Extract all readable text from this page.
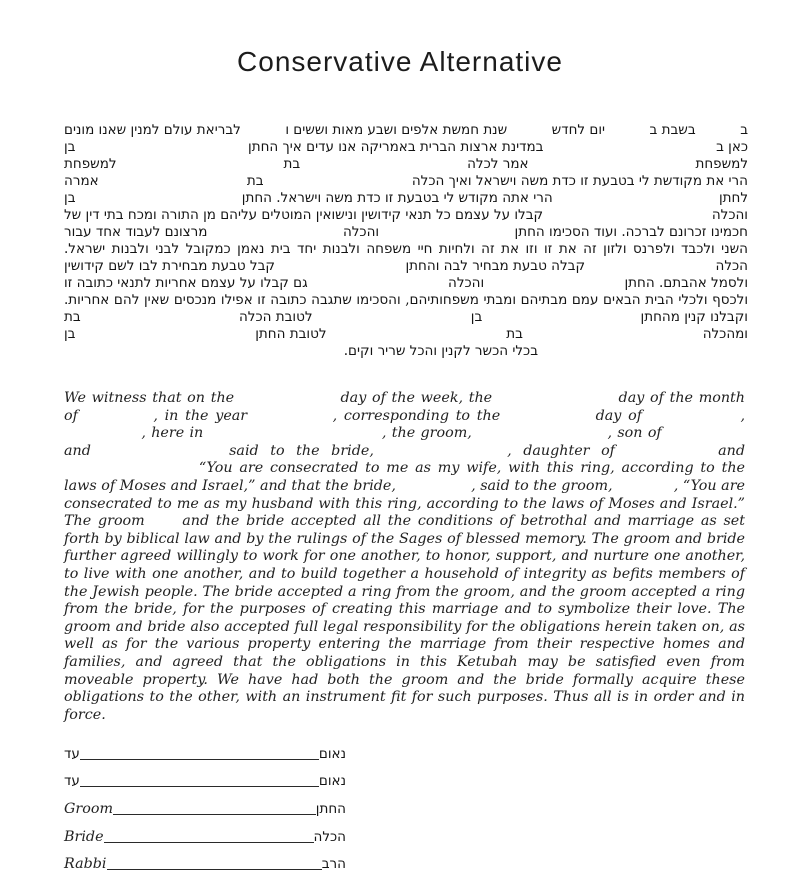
Conservative Alternative
ב
בשבת ב
יום לחדש
שנת חמשת אלפים ושבע מאות וששים ו
לבריאת עולם למנין שאנו מונים
כאן ב
במדינת ארצות הברית באמריקה אנו עדים איך החתן
בן
למשפחת
אמר לכלה
בת
למשפחת
הרי את מקודשת לי בטבעת זו כדת משה וישראל ואיך הכלה
בת
אמרה
לחתן
הרי אתה מקודש לי בטבעת זו כדת משה וישראל. החתן
בן
והכלה
קבלו על עצמם כל תנאי קידושין ונישואין המוטלים עליהם מן התורה ומכח בתי דין של
חכמינו זכרונם לברכה. ועוד הסכימו החתן
והכלה
מרצונם לעבוד אחד עבור
השני ולכבד ולפרנס ולזון זה את זו וזו את זה ולחיות חיי משפחה ולבנות יחד בית נאמן כמקובל לבני ולבנות ישראל.
הכלה
קבלה טבעת מבחיר לבה והחתן
קבל טבעת מבחירת לבו לשם קידושין
ולסמל אהבתם. החתן
והכלה
גם קבלו על עצמם אחריות לתנאי כתובה זו
ולכסף ולכלי הבית הבאים עמם מבתיהם ומבתי משפחותיהם, והסכימו שתגבה כתובה זו אפילו מנכסים שאין להם אחריות.
וקבלנו קנין מהחתן
בן
לטובת הכלה
בת
ומהכלה
בת
לטובת החתן
בן
בכלי הכשר לקנין והכל שריר וקים.
We witness that on the	day of the week, the	day of the month of	, in the year	, corresponding to the	day of	,  , here in	, the groom,	, son of  and	said to the bride,	, daughter of	and  “You are consecrated to me as my wife, with this ring, according to the laws of Moses and Israel,” and that the bride,	, said to the groom,	, “You are consecrated to me as my husband with this ring, according to the laws of Moses and Israel.” The groom	and the bride accepted all the conditions of betrothal and marriage as set forth by biblical law and by the rulings of the Sages of blessed memory. The groom and bride further agreed willingly to work for one another, to honor, support, and nurture one another, to live with one another, and to build together a household of integrity as befits members of the Jewish people. The bride accepted a ring from the groom, and the groom accepted a ring from the bride, for the purposes of creating this marriage and to symbolize their love. The groom and bride also accepted full legal responsibility for the obligations herein taken on, as well as for the various property entering the marriage from their respective homes and families, and agreed that the obligations in this Ketubah may be satisfied even from moveable property. We have had both the groom and the bride formally acquire these obligations to the other, with an instrument fit for such purposes. Thus all is in order and in force.
עד	נאום
עד	נאום
Groom	החתן
Bride	הכלה
Rabbi	הרב
